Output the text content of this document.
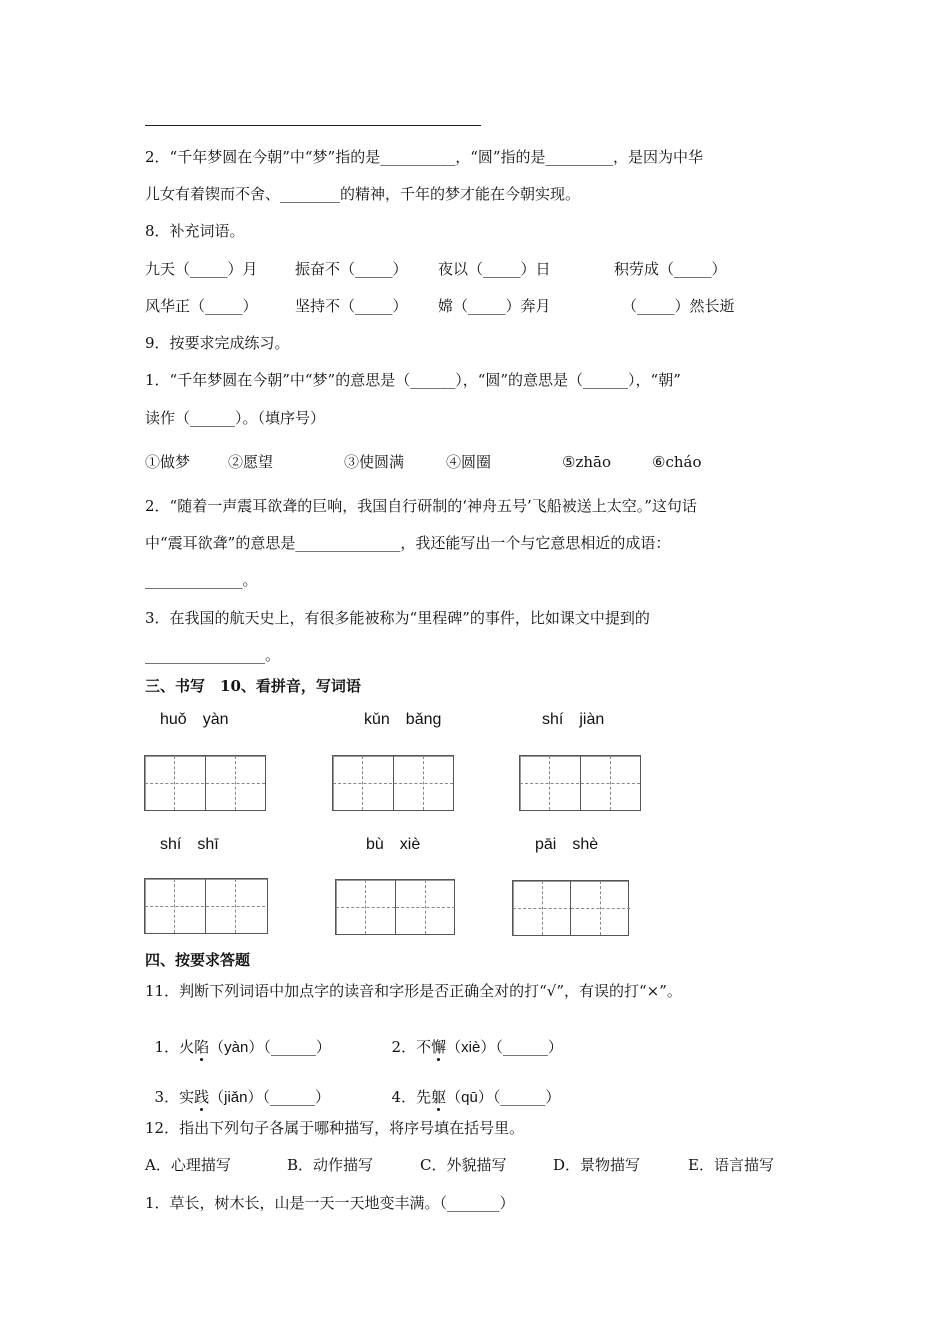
2．“千年梦圆在今朝”中“梦”指的是__________，“圆”指的是_________，是因为中华
儿女有着锲而不舍、________的精神，千年的梦才能在今朝实现。
8．补充词语。
九天（_____）月 振奋不（_____） 夜以（_____）日	积劳成（_____）
风华正（_____） 坚持不（_____） 嫦（_____）奔月	（_____）然长逝
9．按要求完成练习。
1．“千年梦圆在今朝”中“梦”的意思是（______），“圆”的意思是（______），“朝”
读作（______）。（填序号）
①做梦	②愿望	③使圆满	④圆圈	⑤zhāo	⑥cháo
2．“随着一声震耳欲聋的巨响，我国自行研制的‘神舟五号’飞船被送上太空。”这句话
中“震耳欲聋”的意思是______________，我还能写出一个与它意思相近的成语：
_____________。
3．在我国的航天史上，有很多能被称为“里程碑”的事件，比如课文中提到的
________________。
三、书写　10、看拼音，写词语
huǒ　yàn	kǔn　bǎng	shí　jiàn
shí　shī	bù　xiè	pāi　shè
四、按要求答题
11．判断下列词语中加点字的读音和字形是否正确全对的打“√”，有误的打“×”。

1．火陷（yàn）（______）	2．不懈（xiè）（______）

3．实践（jiǎn）（______）	4．先躯（qū）（______）

12．指出下列句子各属于哪种描写，将序号填在括号里。
A．心理描写	B．动作描写	C．外貌描写	D．景物描写	E．语言描写
1．草长，树木长，山是一天一天地变丰满。（_______）
